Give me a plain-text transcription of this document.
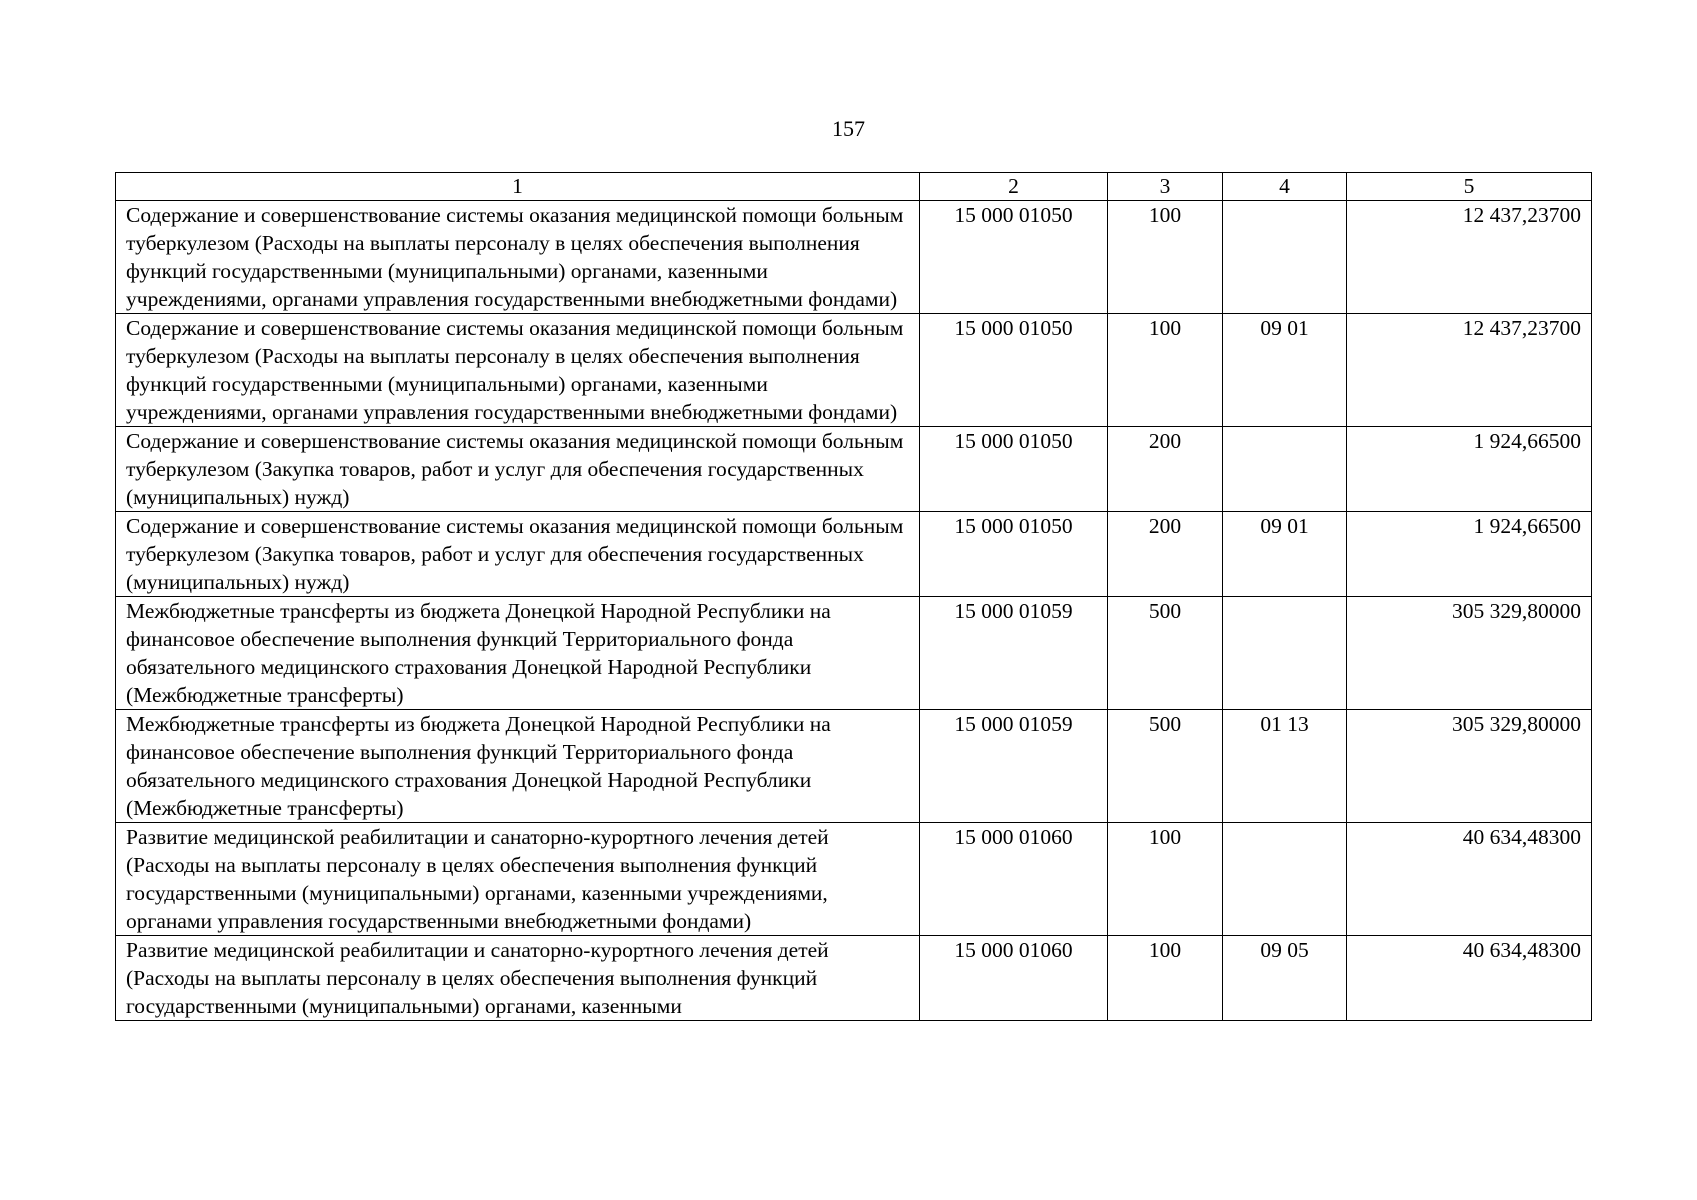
157
1	2	3	4	5
Содержание и совершенствование системы оказания медицинской помощи больным туберкулезом (Расходы на выплаты персоналу в целях обеспечения выполнения функций государственными (муниципальными) органами, казенными учреждениями, органами управления государственными внебюджетными фондами)	15 000 01050	100		12 437,23700
Содержание и совершенствование системы оказания медицинской помощи больным туберкулезом (Расходы на выплаты персоналу в целях обеспечения выполнения функций государственными (муниципальными) органами, казенными учреждениями, органами управления государственными внебюджетными фондами)	15 000 01050	100	09 01	12 437,23700
Содержание и совершенствование системы оказания медицинской помощи больным туберкулезом (Закупка товаров, работ и услуг для обеспечения государственных (муниципальных) нужд)	15 000 01050	200		1 924,66500
Содержание и совершенствование системы оказания медицинской помощи больным туберкулезом (Закупка товаров, работ и услуг для обеспечения государственных (муниципальных) нужд)	15 000 01050	200	09 01	1 924,66500
Межбюджетные трансферты из бюджета Донецкой Народной Республики на финансовое обеспечение выполнения функций Территориального фонда обязательного медицинского страхования Донецкой Народной Республики (Межбюджетные трансферты)	15 000 01059	500		305 329,80000
Межбюджетные трансферты из бюджета Донецкой Народной Республики на финансовое обеспечение выполнения функций Территориального фонда обязательного медицинского страхования Донецкой Народной Республики (Межбюджетные трансферты)	15 000 01059	500	01 13	305 329,80000
Развитие медицинской реабилитации и санаторно-курортного лечения детей (Расходы на выплаты персоналу в целях обеспечения выполнения функций государственными (муниципальными) органами, казенными учреждениями, органами управления государственными внебюджетными фондами)	15 000 01060	100		40 634,48300
Развитие медицинской реабилитации и санаторно-курортного лечения детей (Расходы на выплаты персоналу в целях обеспечения выполнения функций государственными (муниципальными) органами, казенными	15 000 01060	100	09 05	40 634,48300
